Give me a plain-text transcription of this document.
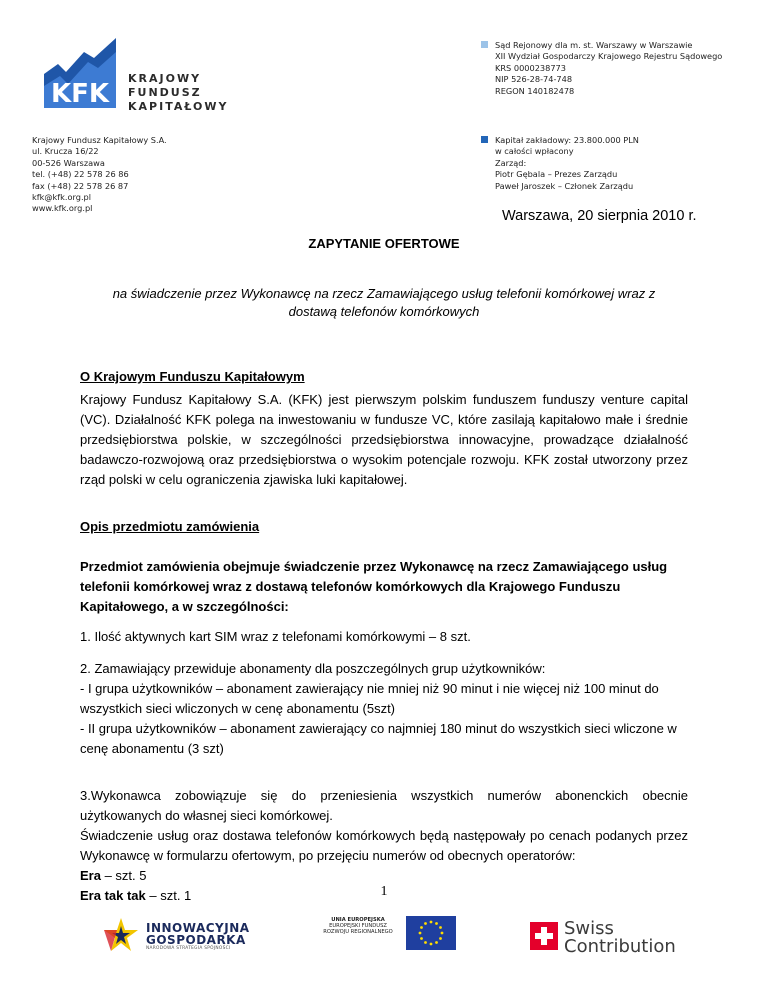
KFK
KRAJOWY
FUNDUSZ
KAPITAŁOWY
Sąd Rejonowy dla m. st. Warszawy w Warszawie
XII Wydział Gospodarczy Krajowego Rejestru Sądowego
KRS 0000238773
NIP 526-28-74-748
REGON 140182478
Krajowy Fundusz Kapitałowy S.A.
ul. Krucza 16/22
00-526 Warszawa
tel. (+48) 22 578 26 86
fax (+48) 22 578 26 87
kfk@kfk.org.pl
www.kfk.org.pl
Kapitał zakładowy: 23.800.000 PLN
w całości wpłacony
Zarząd:
Piotr Gębala – Prezes Zarządu
Paweł Jaroszek – Członek Zarządu
Warszawa, 20 sierpnia 2010 r.
ZAPYTANIE OFERTOWE
na świadczenie przez Wykonawcę na rzecz Zamawiającego usług telefonii komórkowej wraz z
dostawą telefonów komórkowych
O Krajowym Funduszu Kapitałowym
Krajowy Fundusz Kapitałowy S.A. (KFK) jest pierwszym polskim funduszem funduszy venture capital (VC). Działalność KFK polega na inwestowaniu w fundusze VC, które zasilają kapitałowo małe i średnie przedsiębiorstwa polskie, w szczególności przedsiębiorstwa innowacyjne, prowadzące działalność badawczo-rozwojową oraz przedsiębiorstwa o wysokim potencjale rozwoju. KFK został utworzony przez rząd polski w celu ograniczenia zjawiska luki kapitałowej.
Opis przedmiotu zamówienia
Przedmiot zamówienia obejmuje świadczenie przez Wykonawcę na rzecz Zamawiającego usług telefonii komórkowej wraz z dostawą telefonów komórkowych dla Krajowego Funduszu Kapitałowego, a w szczególności:
1. Ilość aktywnych kart SIM wraz z telefonami komórkowymi – 8 szt.
2. Zamawiający przewiduje abonamenty dla poszczególnych grup użytkowników:
- I grupa użytkowników – abonament zawierający nie mniej niż 90 minut i nie więcej niż 100 minut do wszystkich sieci wliczonych w cenę abonamentu (5szt)
- II grupa użytkowników – abonament zawierający co najmniej 180 minut do wszystkich sieci wliczone w cenę abonamentu (3 szt)
3.Wykonawca zobowiązuje się do przeniesienia wszystkich numerów abonenckich obecnie użytkowanych do własnej sieci komórkowej.
Świadczenie usług oraz dostawa telefonów komórkowych będą następowały po cenach podanych przez Wykonawcę w formularzu ofertowym, po przejęciu numerów od obecnych operatorów:
Era – szt. 5
Era tak tak – szt. 1	1
INNOWACYJNA
GOSPODARKA
NARODOWA STRATEGIA SPÓJNOŚCI
UNIA EUROPEJSKA
EUROPEJSKI FUNDUSZ
ROZWOJU REGIONALNEGO	Swiss
Contribution
